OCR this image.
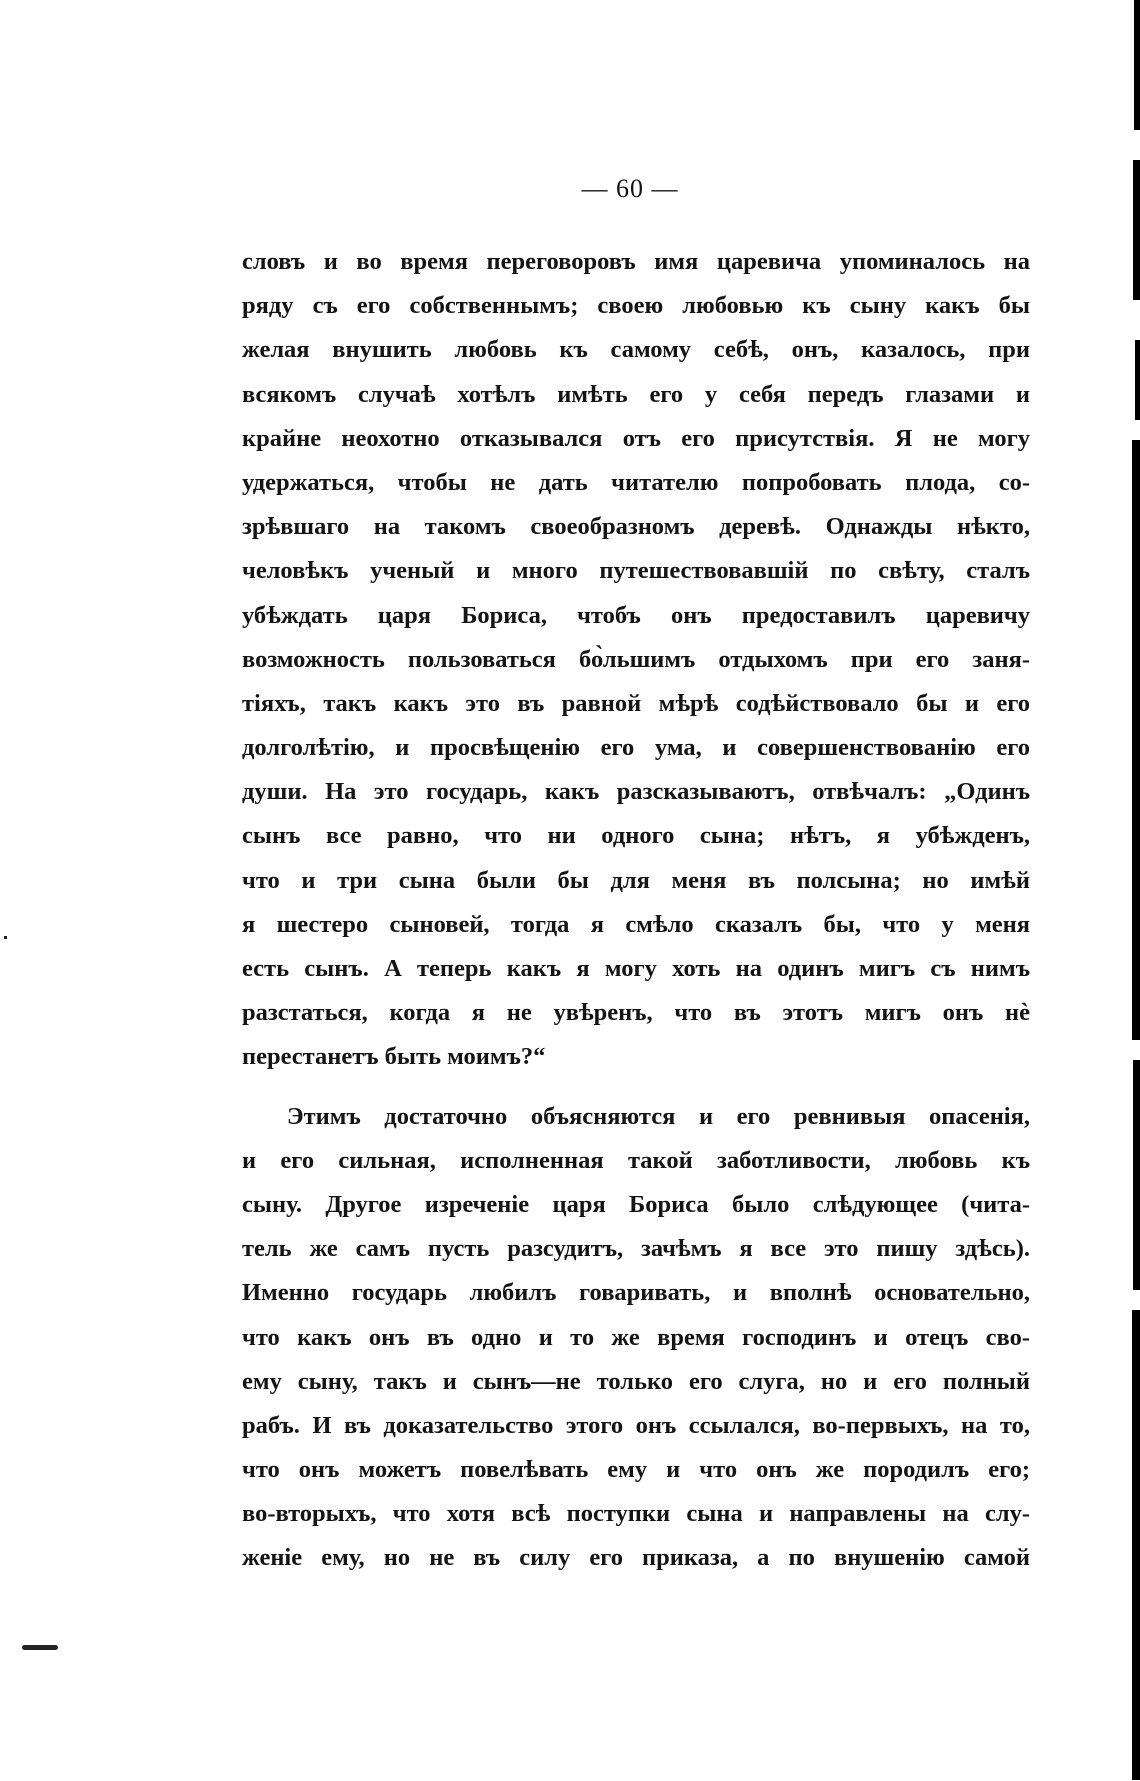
— 60 —
словъ и во время переговоровъ имя царевича упоминалось на
ряду съ его собственнымъ; своею любовью къ сыну какъ бы
желая внушить любовь къ самому себѣ, онъ, казалось, при
всякомъ случаѣ хотѣлъ имѣть его у себя передъ глазами и
крайне неохотно отказывался отъ его присутствія. Я не могу
удержаться, чтобы не дать читателю попробовать плода, со-
зрѣвшаго на такомъ своеобразномъ деревѣ. Однажды нѣкто,
человѣкъ ученый и много путешествовавшій по свѣту, сталъ
убѣждать царя Бориса, чтобъ онъ предоставилъ царевичу
возможность пользоваться бо̀льшимъ отдыхомъ при его заня-
тіяхъ, такъ какъ это въ равной мѣрѣ содѣйствовало бы и его
долголѣтію, и просвѣщенію его ума, и совершенствованію его
души. На это государь, какъ разсказываютъ, отвѣчалъ: „Одинъ
сынъ все равно, что ни одного сына; нѣтъ, я убѣжденъ,
что и три сына были бы для меня въ полсына; но имѣй
я шестеро сыновей, тогда я смѣло сказалъ бы, что у меня
есть сынъ. А теперь какъ я могу хоть на одинъ мигъ съ нимъ
разстаться, когда я не увѣренъ, что въ этотъ мигъ онъ нѐ
перестанетъ быть моимъ?“
Этимъ достаточно объясняются и его ревнивыя опасенія,
и его сильная, исполненная такой заботливости, любовь къ
сыну. Другое изреченіе царя Бориса было слѣдующее (чита-
тель же самъ пусть разсудитъ, зачѣмъ я все это пишу здѣсь).
Именно государь любилъ говаривать, и вполнѣ основательно,
что какъ онъ въ одно и то же время господинъ и отецъ сво-
ему сыну, такъ и сынъ—не только его слуга, но и его полный
рабъ. И въ доказательство этого онъ ссылался, во-первыхъ, на то,
что онъ можетъ повелѣвать ему и что онъ же породилъ его;
во-вторыхъ, что хотя всѣ поступки сына и направлены на слу-
женіе ему, но не въ силу его приказа, а по внушенію самой
